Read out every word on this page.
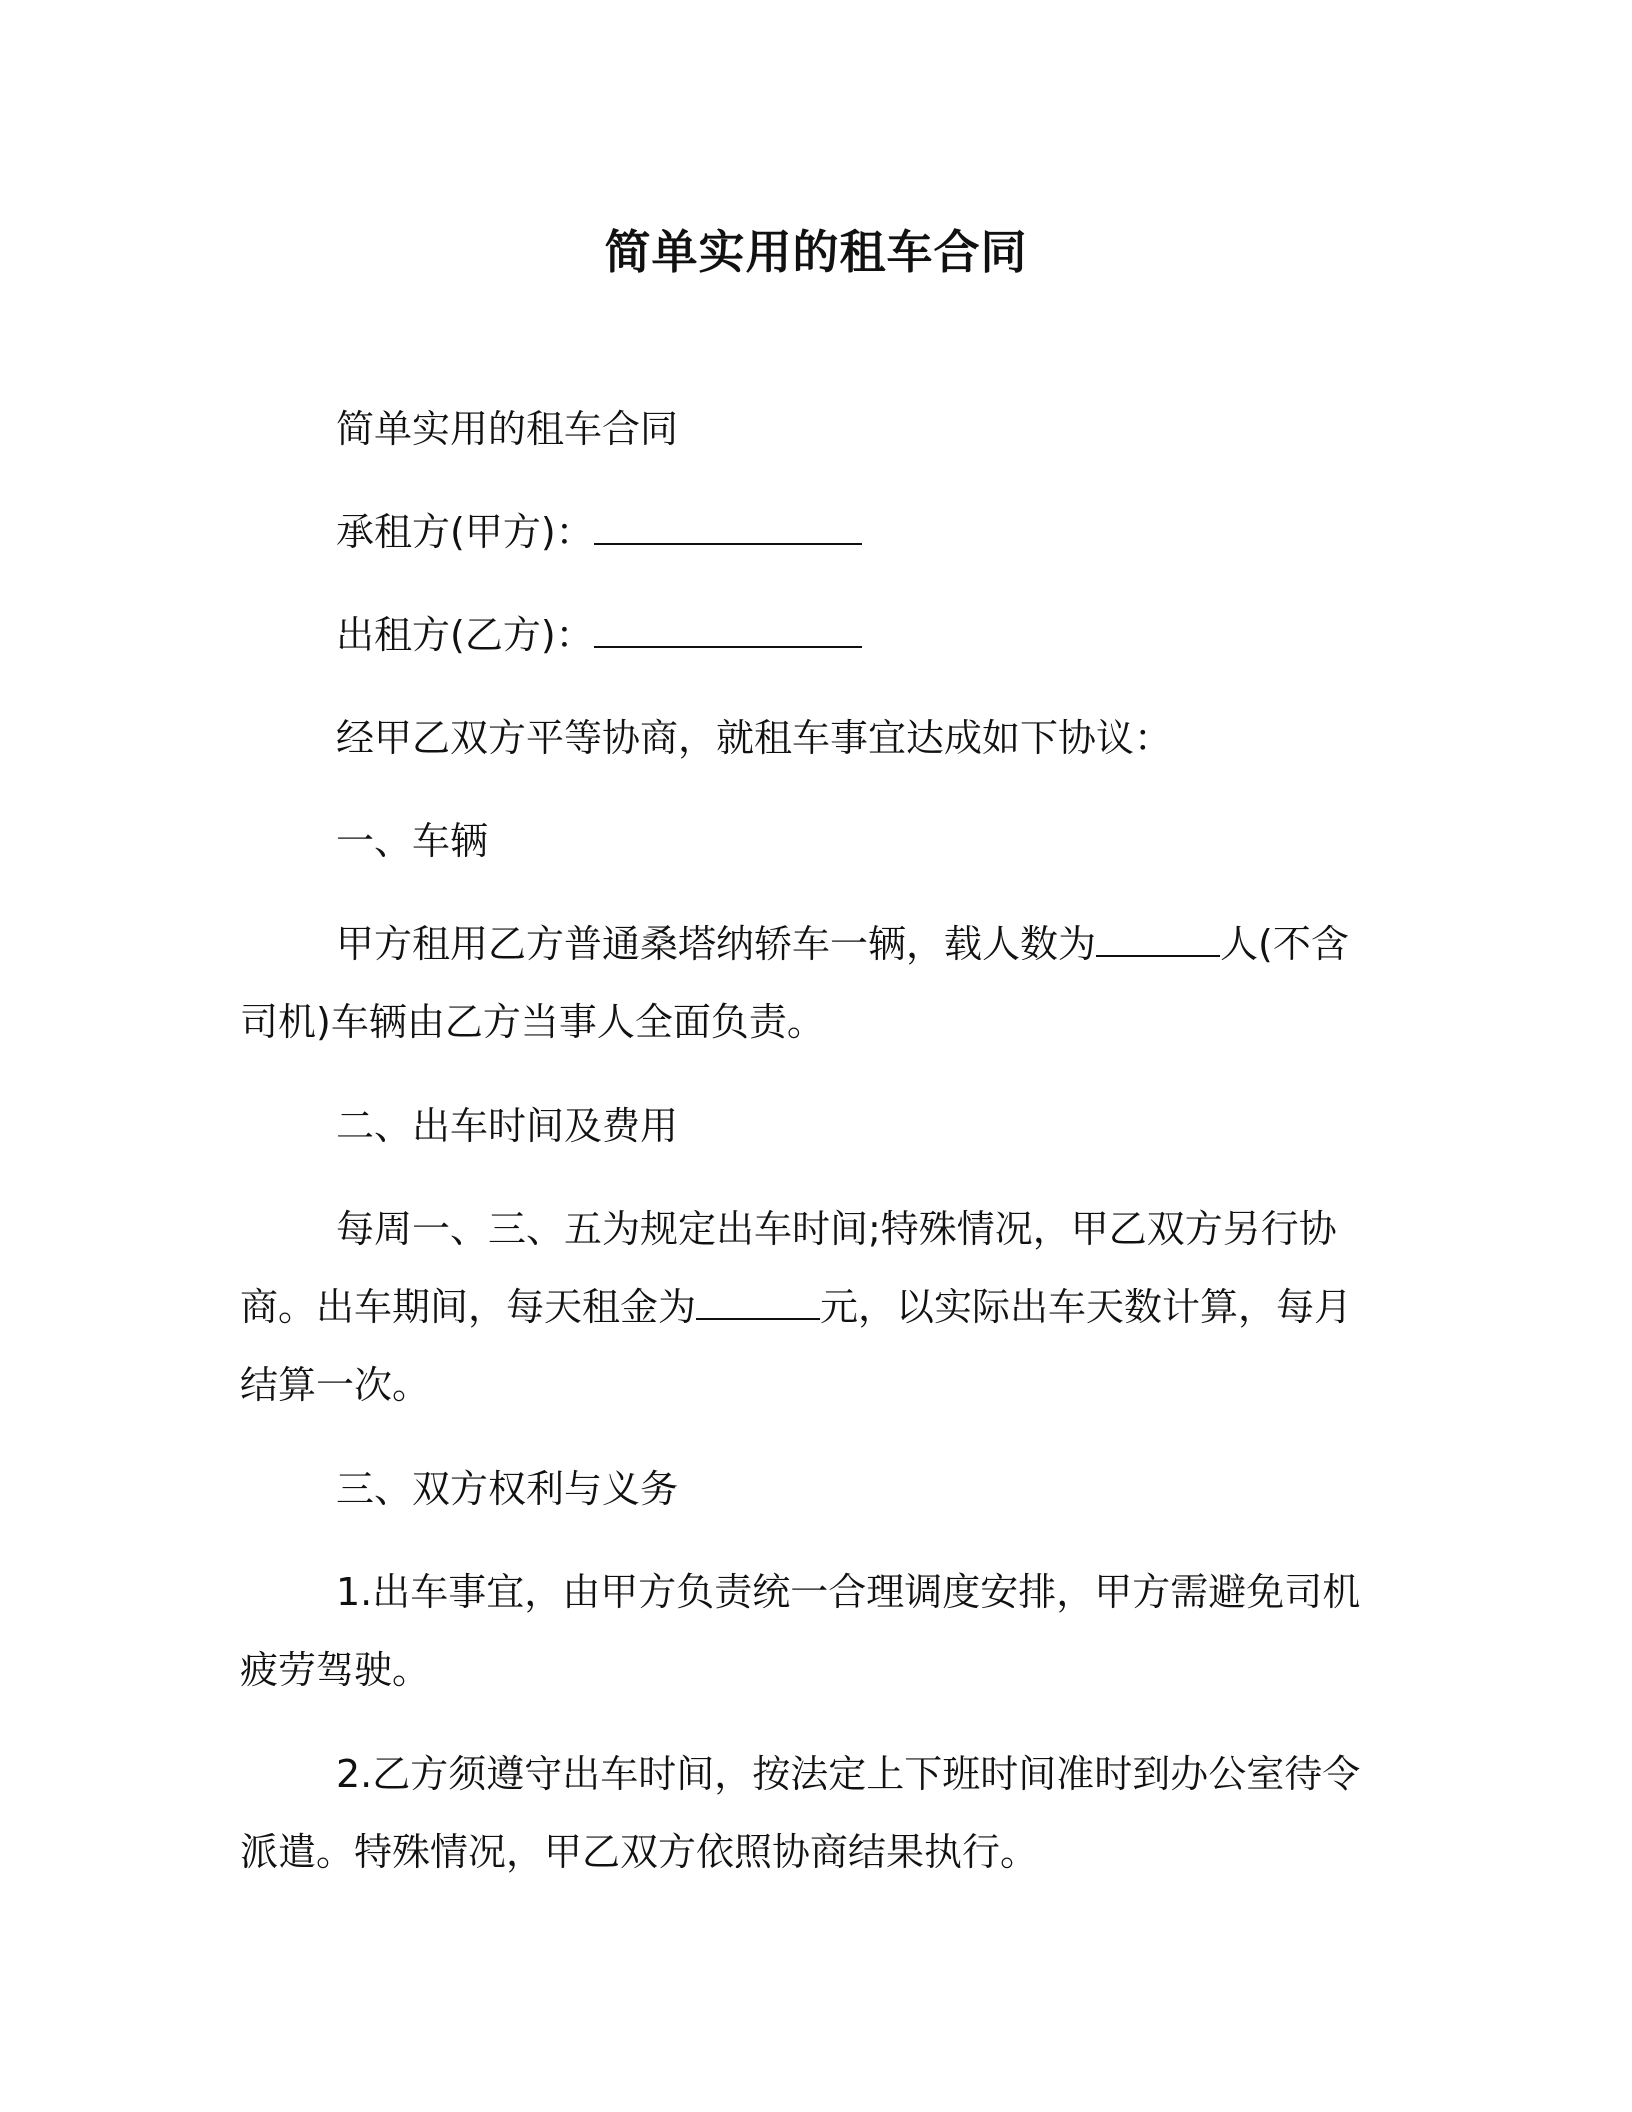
简单实用的租车合同

简单实用的租车合同

承租方(甲方)：

出租方(乙方)：

经甲乙双方平等协商，就租车事宜达成如下协议：

一、车辆

甲方租用乙方普通桑塔纳轿车一辆，载人数为	人(不含司机)车辆由乙方当事人全面负责。

二、出车时间及费用

每周一、三、五为规定出车时间;特殊情况，甲乙双方另行协商。出车期间，每天租金为	元，以实际出车天数计算，每月结算一次。

三、双方权利与义务

1.出车事宜，由甲方负责统一合理调度安排，甲方需避免司机疲劳驾驶。

2.乙方须遵守出车时间，按法定上下班时间准时到办公室待令派遣。特殊情况，甲乙双方依照协商结果执行。
